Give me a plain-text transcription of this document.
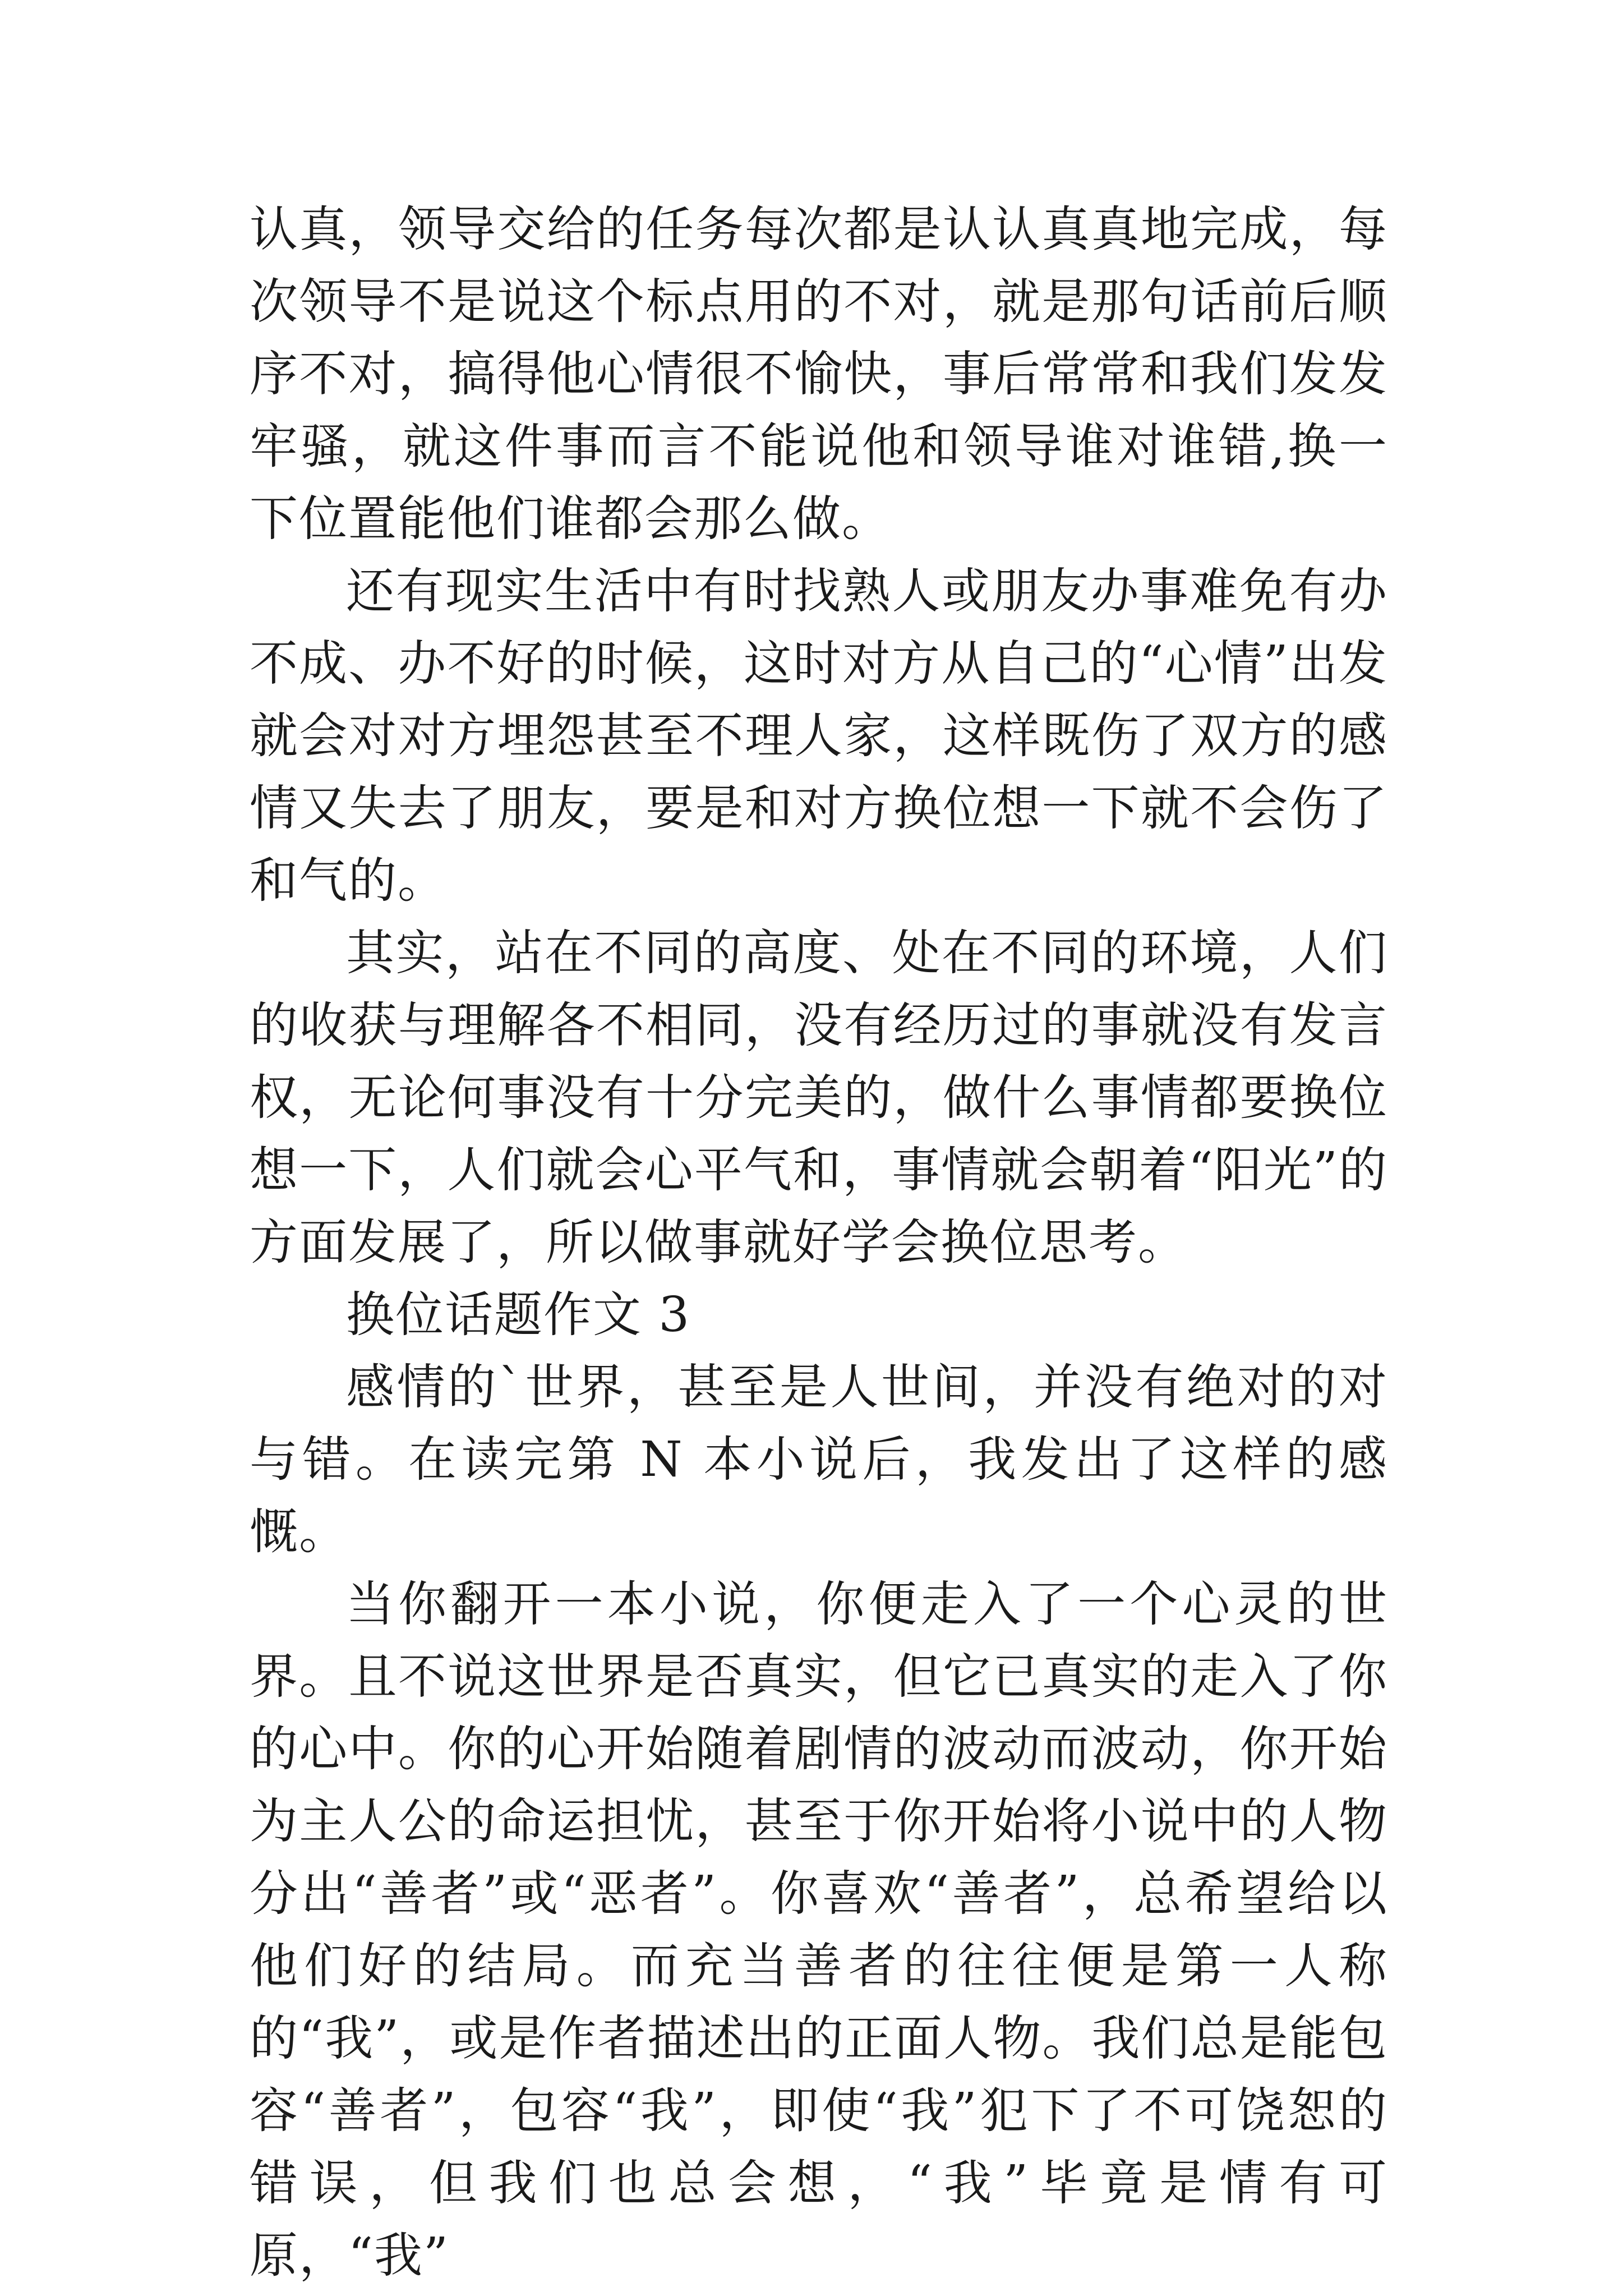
认真，领导交给的任务每次都是认认真真地完成，每次领导不是说这个标点用的不对，就是那句话前后顺序不对，搞得他心情很不愉快，事后常常和我们发发牢骚，就这件事而言不能说他和领导谁对谁错,换一下位置能他们谁都会那么做。

还有现实生活中有时找熟人或朋友办事难免有办不成、办不好的时候，这时对方从自己的“心情”出发就会对对方埋怨甚至不理人家，这样既伤了双方的感情又失去了朋友，要是和对方换位想一下就不会伤了和气的。

其实，站在不同的高度、处在不同的环境，人们的收获与理解各不相同，没有经历过的事就没有发言权，无论何事没有十分完美的，做什么事情都要换位想一下，人们就会心平气和，事情就会朝着“阳光”的方面发展了，所以做事就好学会换位思考。

换位话题作文 3

感情的`世界，甚至是人世间，并没有绝对的对与错。在读完第 N 本小说后，我发出了这样的感慨。

当你翻开一本小说，你便走入了一个心灵的世界。且不说这世界是否真实，但它已真实的走入了你的心中。你的心开始随着剧情的波动而波动，你开始为主人公的命运担忧，甚至于你开始将小说中的人物分出“善者”或“恶者”。你喜欢“善者”，总希望给以他们好的结局。而充当善者的往往便是第一人称的“我”，或是作者描述出的正面人物。我们总是能包容“善者”，包容“我”，即使“我”犯下了不可饶恕的错误，但我们也总会想，“我”毕竟是情有可原，“我”
